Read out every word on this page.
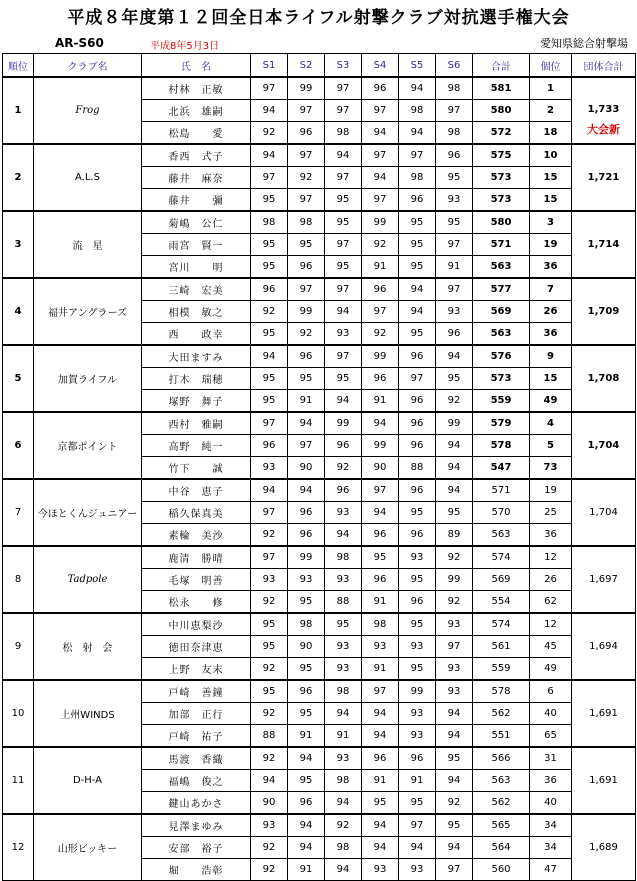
平成８年度第１２回全日本ライフル射撃クラブ対抗選手権大会
AR-S60	平成8年5月3日	愛知県総合射撃場
順位	クラブ名	氏　名	S1	S2	S3	S4	S5	S6	合計	個位	団体合計
1	Frog	村林　正敏	97	99	97	96	94	98	581	1	1,733
大会新

		北浜　雄嗣	94	97	97	97	98	97	580	2	
		松島　　愛	92	96	98	94	94	98	572	18	
2	A.L.S	香西　式子	94	97	94	97	97	96	575	10	1,721

		藤井　麻奈	97	92	97	94	98	95	573	15	
		藤井　　彌	95	97	95	97	96	93	573	15	
3	流　星	菊嶋　公仁	98	98	95	99	95	95	580	3	1,714

		雨宮　賢一	95	95	97	92	95	97	571	19	
		宮川　　明	95	96	95	91	95	91	563	36	
4	福井アングラーズ	三崎　宏美	96	97	97	96	94	97	577	7	1,709

		相模　敏之	92	99	94	97	94	93	569	26	
		西　　政幸	95	92	93	92	95	96	563	36	
5	加賀ライフル	大田ますみ	94	96	97	99	96	94	576	9	1,708

		打木　瑞穂	95	95	95	96	97	95	573	15	
		塚野　舞子	95	91	94	91	96	92	559	49	
6	京都ポイント	西村　雅嗣	97	94	99	94	96	99	579	4	1,704

		高野　純一	96	97	96	99	96	94	578	5	
		竹下　　誠	93	90	92	90	88	94	547	73	
7	今ほとくんジュニアー	中谷　恵子	94	94	96	97	96	94	571	19	1,704

		稲久保真美	97	96	93	94	95	95	570	25	
		素輪　美沙	92	96	94	96	96	89	563	36	
8	Tadpole	鹿清　勝晴	97	99	98	95	93	92	574	12	1,697

		毛塚　明善	93	93	93	96	95	99	569	26	
		松永　　修	92	95	88	91	96	92	554	62	
9	松　射　会	中川恵梨沙	95	98	95	98	95	93	574	12	1,694

		徳田奈津恵	95	90	93	93	93	97	561	45	
		上野　友末	92	95	93	91	95	93	559	49	
10	上州WINDS	戸崎　善鐘	95	96	98	97	99	93	578	6	1,691

		加部　正行	92	95	94	94	93	94	562	40	
		戸崎　祐子	88	91	91	94	93	94	551	65	
11	D-H-A	馬渡　香織	92	94	93	96	96	95	566	31	1,691

		福嶋　俊之	94	95	98	91	91	94	563	36	
		鍵山あかさ	90	96	94	95	95	92	562	40	
12	山形ビッキー	見澤まゆみ	93	94	92	94	97	95	565	34	1,689

		安部　裕子	92	94	98	94	94	94	564	34	
		堀　　浩彰	92	91	94	93	93	97	560	47	
